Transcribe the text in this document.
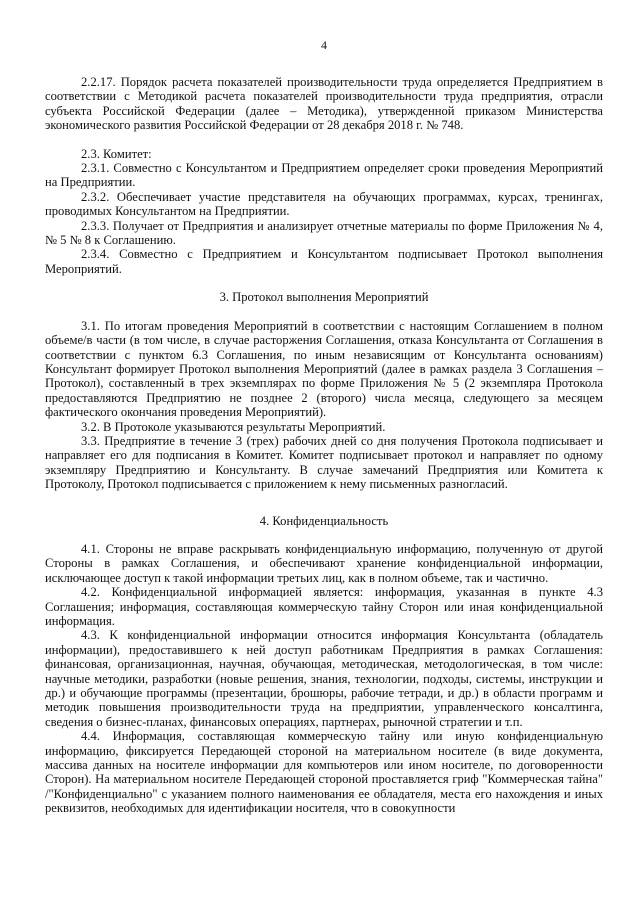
4

2.2.17. Порядок расчета показателей производительности труда определяется Предприятием в соответствии с Методикой расчета показателей производительности труда предприятия, отрасли субъекта Российской Федерации (далее – Методика), утвержденной приказом Министерства экономического развития Российской Федерации от 28 декабря 2018 г. № 748.

2.3. Комитет:

2.3.1. Совместно с Консультантом и Предприятием определяет сроки проведения Мероприятий на Предприятии.

2.3.2. Обеспечивает участие представителя на обучающих программах, курсах, тренингах, проводимых Консультантом на Предприятии.

2.3.3. Получает от Предприятия и анализирует отчетные материалы по форме Приложения № 4, № 5 № 8 к Соглашению.

2.3.4. Совместно с Предприятием и Консультантом подписывает Протокол выполнения Мероприятий.

3. Протокол выполнения Мероприятий

3.1. По итогам проведения Мероприятий в соответствии с настоящим Соглашением в полном объеме/в части (в том числе, в случае расторжения Соглашения, отказа Консультанта от Соглашения в соответствии с пунктом 6.3 Соглашения, по иным независящим от Консультанта основаниям) Консультант формирует Протокол выполнения Мероприятий (далее в рамках раздела 3 Соглашения – Протокол), составленный в трех экземплярах по форме Приложения № 5 (2 экземпляра Протокола предоставляются Предприятию не позднее 2 (второго) числа месяца, следующего за месяцем фактического окончания проведения Мероприятий).

3.2. В Протоколе указываются результаты Мероприятий.

3.3. Предприятие в течение 3 (трех) рабочих дней со дня получения Протокола подписывает и направляет его для подписания в Комитет. Комитет подписывает протокол и направляет по одному экземпляру Предприятию и Консультанту. В случае замечаний Предприятия или Комитета к Протоколу, Протокол подписывается с приложением к нему письменных разногласий.

4. Конфиденциальность

4.1. Стороны не вправе раскрывать конфиденциальную информацию, полученную от другой Стороны в рамках Соглашения, и обеспечивают хранение конфиденциальной информации, исключающее доступ к такой информации третьих лиц, как в полном объеме, так и частично.

4.2. Конфиденциальной информацией является: информация, указанная в пункте 4.3 Соглашения; информация, составляющая коммерческую тайну Сторон или иная конфиденциальной информация.

4.3. К конфиденциальной информации относится информация Консультанта (обладатель информации), предоставившего к ней доступ работникам Предприятия в рамках Соглашения: финансовая, организационная, научная, обучающая, методическая, методологическая, в том числе: научные методики, разработки (новые решения, знания, технологии, подходы, системы, инструкции и др.) и обучающие программы (презентации, брошюры, рабочие тетради, и др.) в области программ и методик повышения производительности труда на предприятии, управленческого консалтинга, сведения о бизнес-планах, финансовых операциях, партнерах, рыночной стратегии и т.п.

4.4. Информация, составляющая коммерческую тайну или иную конфиденциальную информацию, фиксируется Передающей стороной на материальном носителе (в виде документа, массива данных на носителе информации для компьютеров или ином носителе, по договоренности Сторон). На материальном носителе Передающей стороной проставляется гриф "Коммерческая тайна" /"Конфиденциально" с указанием полного наименования ее обладателя, места его нахождения и иных реквизитов, необходимых для идентификации носителя, что в совокупности
